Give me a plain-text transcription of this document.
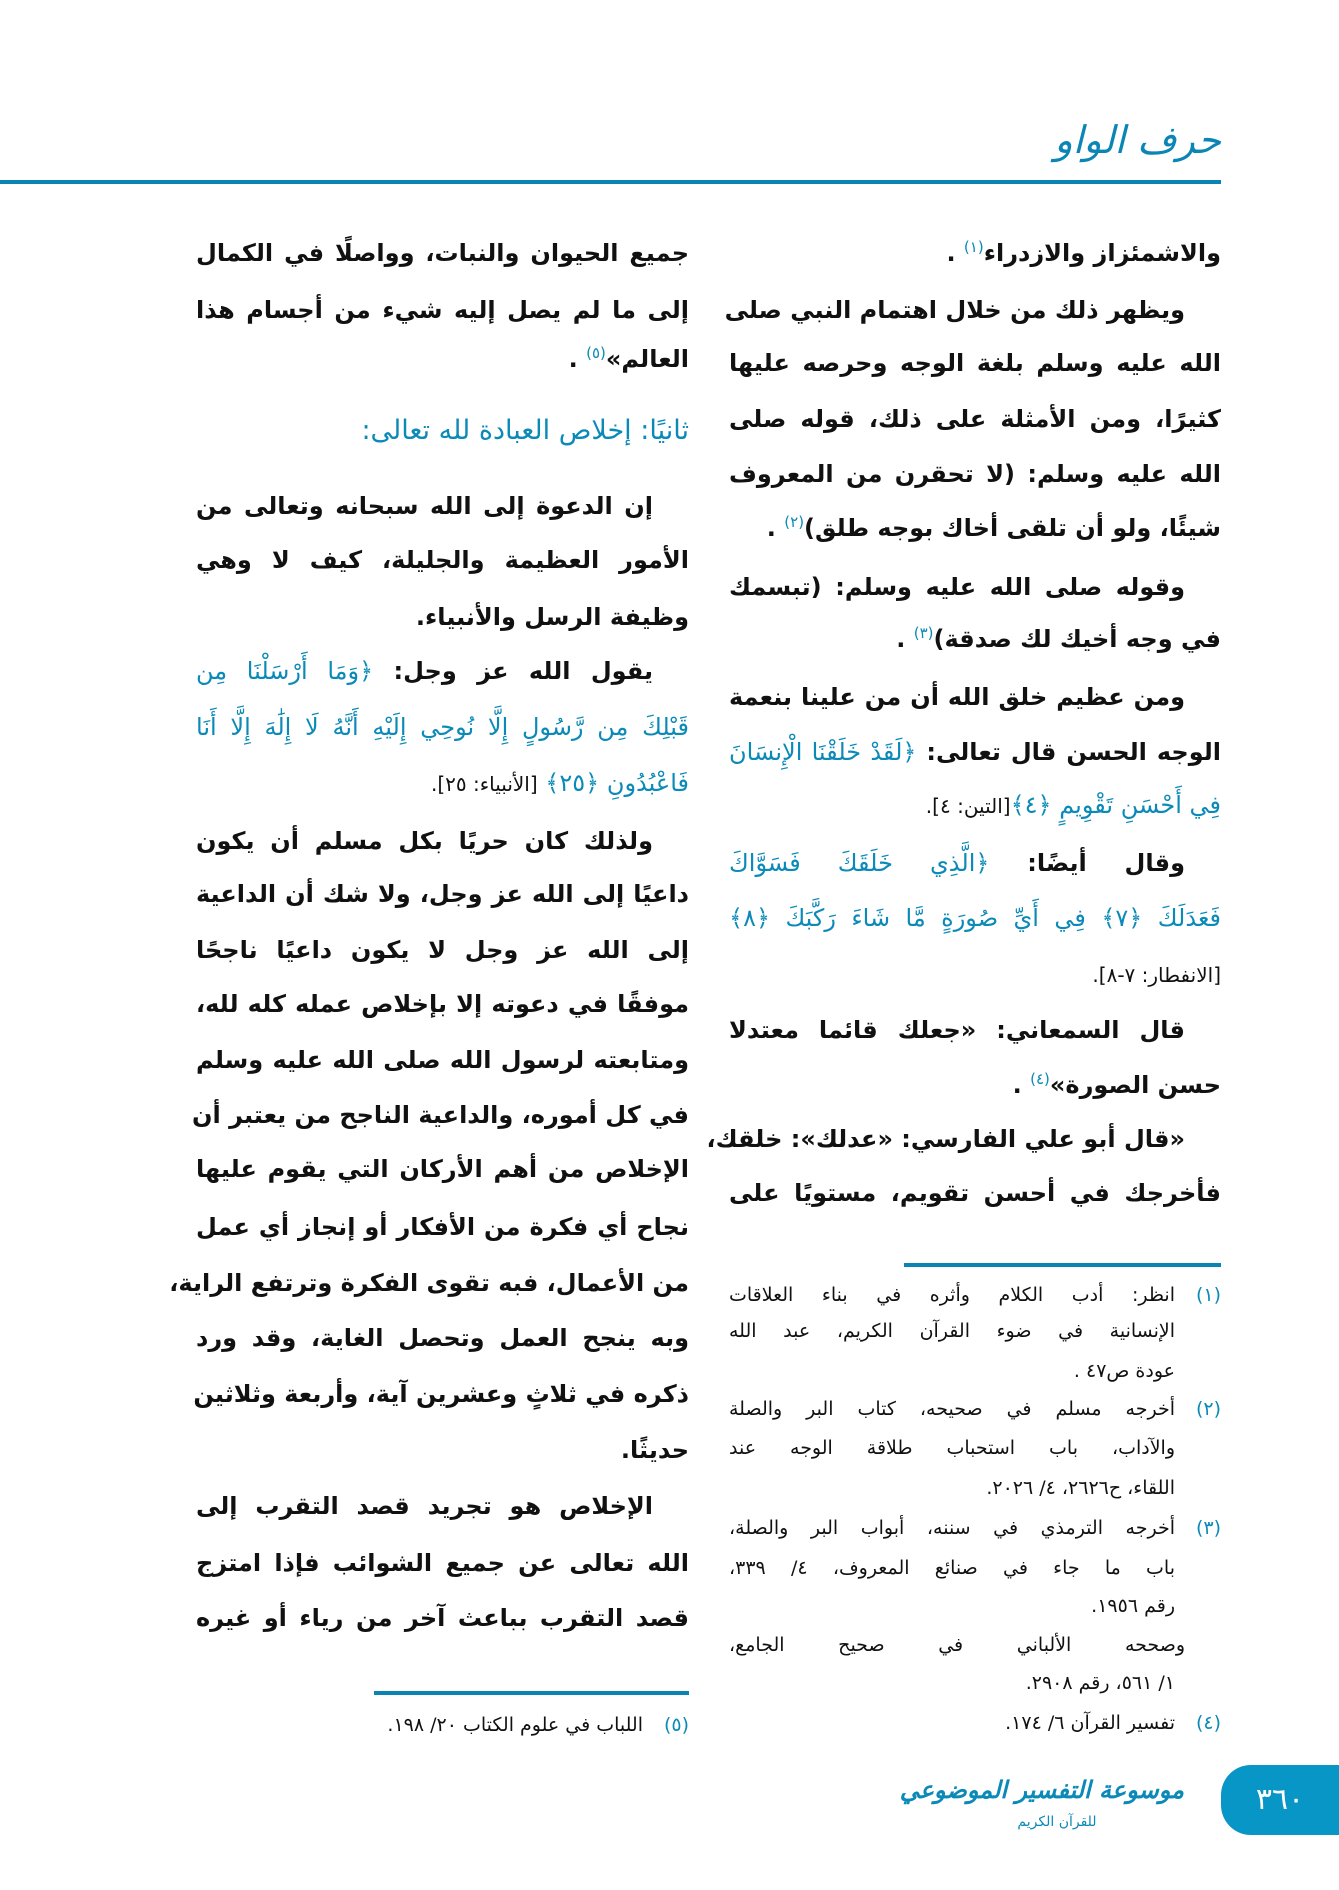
حرف الواو
والاشمئزاز والازدراء$^{(١)}$ .
ويظهر ذلك من خلال اهتمام النبي صلى
الله عليه وسلم بلغة الوجه وحرصه عليها
كثيرًا، ومن الأمثلة على ذلك، قوله صلى
الله عليه وسلم: (لا تحقرن من المعروف
شيئًا، ولو أن تلقى أخاك بوجه طلق)$^{(٢)}$ .
وقوله صلى الله عليه وسلم: (تبسمك
في وجه أخيك لك صدقة)$^{(٣)}$ .
ومن عظيم خلق الله أن من علينا بنعمة
الوجه الحسن قال تعالى: ﴿لَقَدْ خَلَقْنَا الْإِنسَانَ
فِي أَحْسَنِ تَقْوِيمٍ ﴿٤﴾[التين: ٤].
وقال أيضًا: ﴿الَّذِي خَلَقَكَ فَسَوَّاكَ
فَعَدَلَكَ ﴿٧﴾ فِي أَيِّ صُورَةٍ مَّا شَاءَ رَكَّبَكَ ﴿٨﴾
[الانفطار: ٧-٨].
قال السمعاني: «جعلك قائما معتدلا
حسن الصورة»$^{(٤)}$ .
«قال أبو علي الفارسي: «عدلك»: خلقك،
فأخرجك في أحسن تقويم، مستويًا على
جميع الحيوان والنبات، وواصلًا في الكمال
إلى ما لم يصل إليه شيء من أجسام هذا
العالم»$^{(٥)}$ .
ثانيًا: إخلاص العبادة لله تعالى:
إن الدعوة إلى الله سبحانه وتعالى من
الأمور العظيمة والجليلة، كيف لا وهي
وظيفة الرسل والأنبياء.
يقول الله عز وجل: ﴿وَمَا أَرْسَلْنَا مِن
قَبْلِكَ مِن رَّسُولٍ إِلَّا نُوحِي إِلَيْهِ أَنَّهُ لَا إِلَٰهَ إِلَّا أَنَا
فَاعْبُدُونِ ﴿٢٥﴾ [الأنبياء: ٢٥].
ولذلك كان حريًا بكل مسلم أن يكون
داعيًا إلى الله عز وجل، ولا شك أن الداعية
إلى الله عز وجل لا يكون داعيًا ناجحًا
موفقًا في دعوته إلا بإخلاص عمله كله لله،
ومتابعته لرسول الله صلى الله عليه وسلم
في كل أموره، والداعية الناجح من يعتبر أن
الإخلاص من أهم الأركان التي يقوم عليها
نجاح أي فكرة من الأفكار أو إنجاز أي عمل
من الأعمال، فبه تقوى الفكرة وترتفع الراية،
وبه ينجح العمل وتحصل الغاية، وقد ورد
ذكره في ثلاثٍ وعشرين آية، وأربعة وثلاثين
حديثًا.
الإخلاص هو تجريد قصد التقرب إلى
الله تعالى عن جميع الشوائب فإذا امتزج
قصد التقرب بباعث آخر من رياء أو غيره
(١)
انظر: أدب الكلام وأثره في بناء العلاقات
الإنسانية في ضوء القرآن الكريم، عبد الله
عودة ص٤٧ .
(٢)
أخرجه مسلم في صحيحه، كتاب البر والصلة
والآداب، باب استحباب طلاقة الوجه عند
اللقاء، ح٢٦٢٦، ٤/ ٢٠٢٦.
(٣)
أخرجه الترمذي في سننه، أبواب البر والصلة،
باب ما جاء في صنائع المعروف، ٤/ ٣٣٩،
رقم ١٩٥٦.
وصححه الألباني في صحيح الجامع،
١/ ٥٦١، رقم ٢٩٠٨.
(٤)
تفسير القرآن ٦/ ١٧٤.
(٥)
اللباب في علوم الكتاب ٢٠/ ١٩٨.
موسوعة التفسير الموضوعي
للقرآن الكريم
٣٦٠
